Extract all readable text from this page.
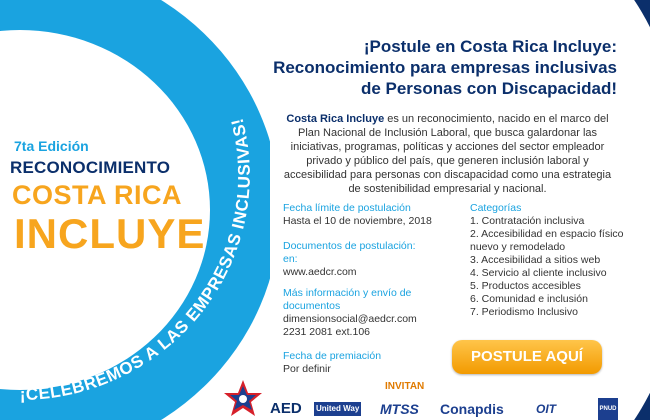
¡CELEBREMOS A LAS EMPRESAS INCLUSIVAS!
7ta Edición
RECONOCIMIENTO
COSTA RICA
INCLUYE
¡Postule en Costa Rica Incluye:
Reconocimiento para empresas inclusivas
de Personas con Discapacidad!
Costa Rica Incluye es un reconocimiento, nacido en el marco del Plan Nacional de Inclusión Laboral, que busca galardonar las iniciativas, programas, políticas y acciones del sector empleador privado y público del país, que generen inclusión laboral y accesibilidad para personas con discapacidad como una estrategia de sostenibilidad empresarial y nacional.
Fecha límite de postulación
Hasta el 10 de noviembre, 2018
Documentos de postulación:
en:
www.aedcr.com
Más información y envío de
documentos
dimensionsocial@aedcr.com
2231 2081 ext.106
Fecha de premiación
Por definir
Categorías
1. Contratación inclusiva
2. Accesibilidad en espacio físico nuevo y remodelado
3. Accesibilidad a sitios web
4. Servicio al cliente inclusivo
5. Productos accesibles
6. Comunidad e inclusión
7. Periodismo Inclusivo
POSTULE AQUÍ
INVITAN
AED United Way MTSS Conapdis	OIT	PNUD
